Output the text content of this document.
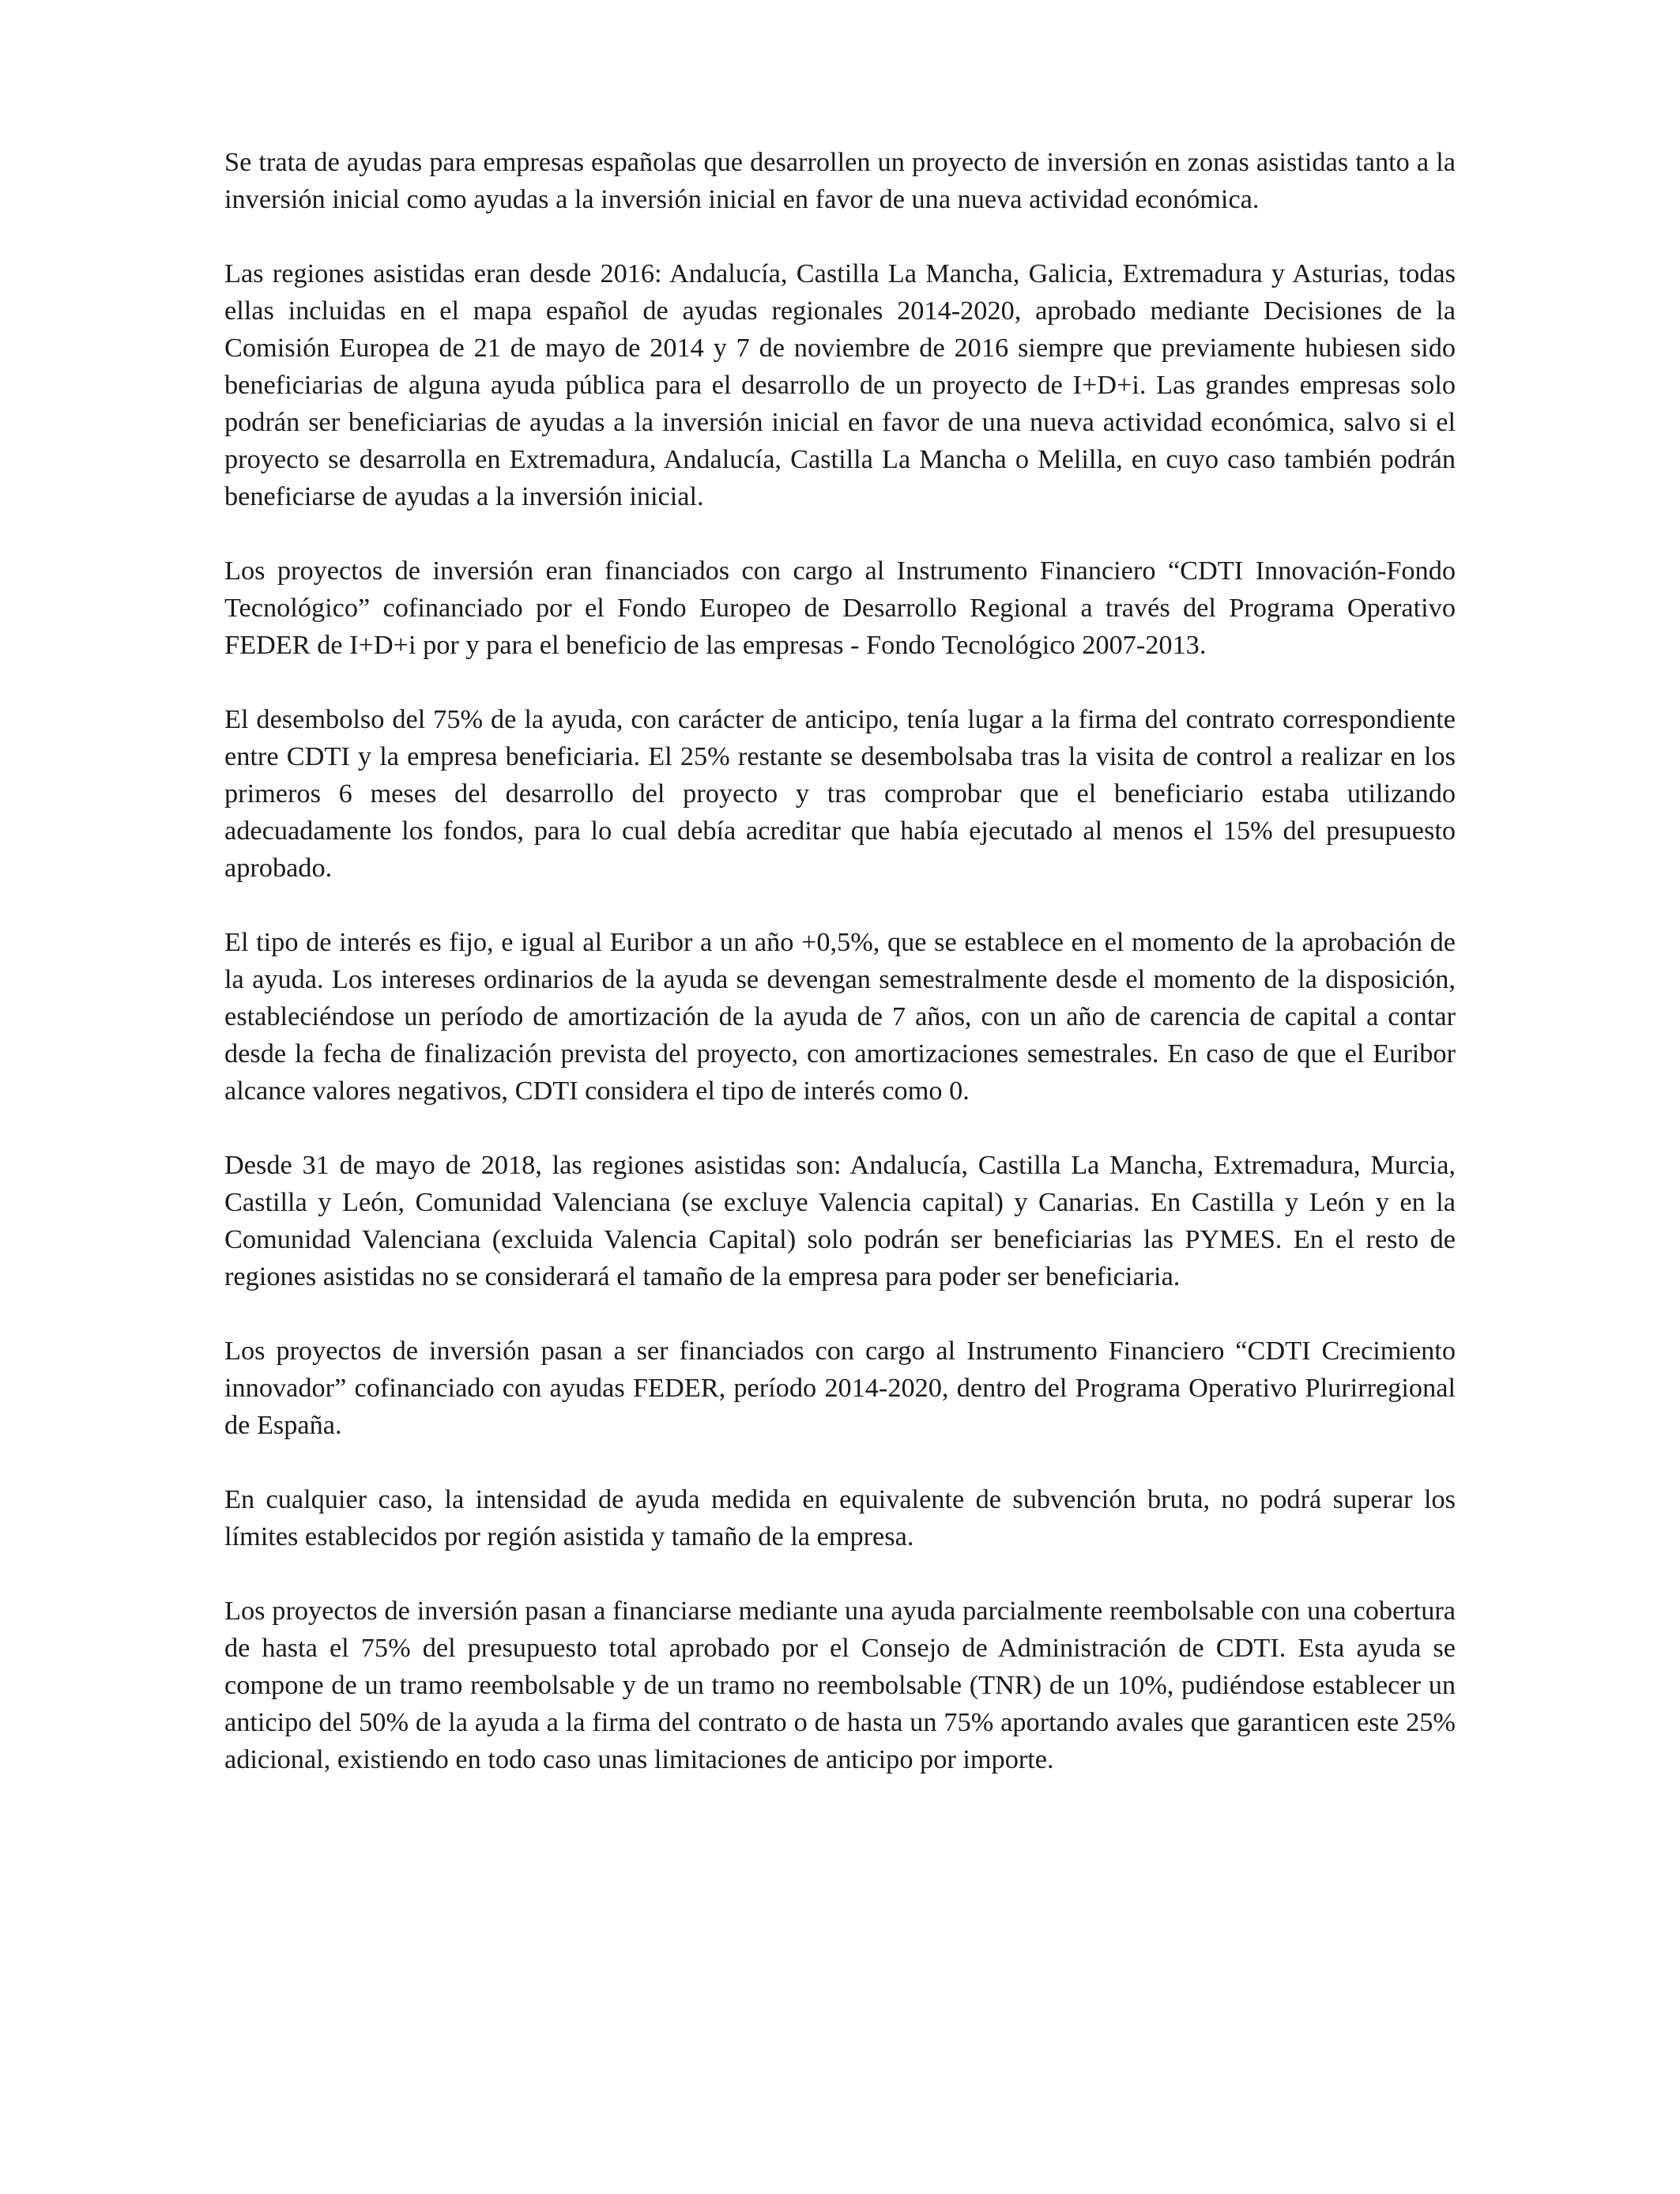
Se trata de ayudas para empresas españolas que desarrollen un proyecto de inversión en zonas asistidas tanto a la inversión inicial como ayudas a la inversión inicial en favor de una nueva actividad económica.

Las regiones asistidas eran desde 2016: Andalucía, Castilla La Mancha, Galicia, Extremadura y Asturias, todas ellas incluidas en el mapa español de ayudas regionales 2014-2020, aprobado mediante Decisiones de la Comisión Europea de 21 de mayo de 2014 y 7 de noviembre de 2016 siempre que previamente hubiesen sido beneficiarias de alguna ayuda pública para el desarrollo de un proyecto de I+D+i. Las grandes empresas solo podrán ser beneficiarias de ayudas a la inversión inicial en favor de una nueva actividad económica, salvo si el proyecto se desarrolla en Extremadura, Andalucía, Castilla La Mancha o Melilla, en cuyo caso también podrán beneficiarse de ayudas a la inversión inicial.

Los proyectos de inversión eran financiados con cargo al Instrumento Financiero “CDTI Innovación-Fondo Tecnológico” cofinanciado por el Fondo Europeo de Desarrollo Regional a través del Programa Operativo FEDER de I+D+i por y para el beneficio de las empresas - Fondo Tecnológico 2007-2013.

El desembolso del 75% de la ayuda, con carácter de anticipo, tenía lugar a la firma del contrato correspondiente entre CDTI y la empresa beneficiaria. El 25% restante se desembolsaba tras la visita de control a realizar en los primeros 6 meses del desarrollo del proyecto y tras comprobar que el beneficiario estaba utilizando adecuadamente los fondos, para lo cual debía acreditar que había ejecutado al menos el 15% del presupuesto aprobado.

El tipo de interés es fijo, e igual al Euribor a un año +0,5%, que se establece en el momento de la aprobación de la ayuda. Los intereses ordinarios de la ayuda se devengan semestralmente desde el momento de la disposición, estableciéndose un período de amortización de la ayuda de 7 años, con un año de carencia de capital a contar desde la fecha de finalización prevista del proyecto, con amortizaciones semestrales. En caso de que el Euribor alcance valores negativos, CDTI considera el tipo de interés como 0.

Desde 31 de mayo de 2018, las regiones asistidas son: Andalucía, Castilla La Mancha, Extremadura, Murcia, Castilla y León, Comunidad Valenciana (se excluye Valencia capital) y Canarias. En Castilla y León y en la Comunidad Valenciana (excluida Valencia Capital) solo podrán ser beneficiarias las PYMES. En el resto de regiones asistidas no se considerará el tamaño de la empresa para poder ser beneficiaria.

Los proyectos de inversión pasan a ser financiados con cargo al Instrumento Financiero “CDTI Crecimiento innovador” cofinanciado con ayudas FEDER, período 2014-2020, dentro del Programa Operativo Plurirregional de España.

En cualquier caso, la intensidad de ayuda medida en equivalente de subvención bruta, no podrá superar los límites establecidos por región asistida y tamaño de la empresa.

Los proyectos de inversión pasan a financiarse mediante una ayuda parcialmente reembolsable con una cobertura de hasta el 75% del presupuesto total aprobado por el Consejo de Administración de CDTI. Esta ayuda se compone de un tramo reembolsable y de un tramo no reembolsable (TNR) de un 10%, pudiéndose establecer un anticipo del 50% de la ayuda a la firma del contrato o de hasta un 75% aportando avales que garanticen este 25% adicional, existiendo en todo caso unas limitaciones de anticipo por importe.
